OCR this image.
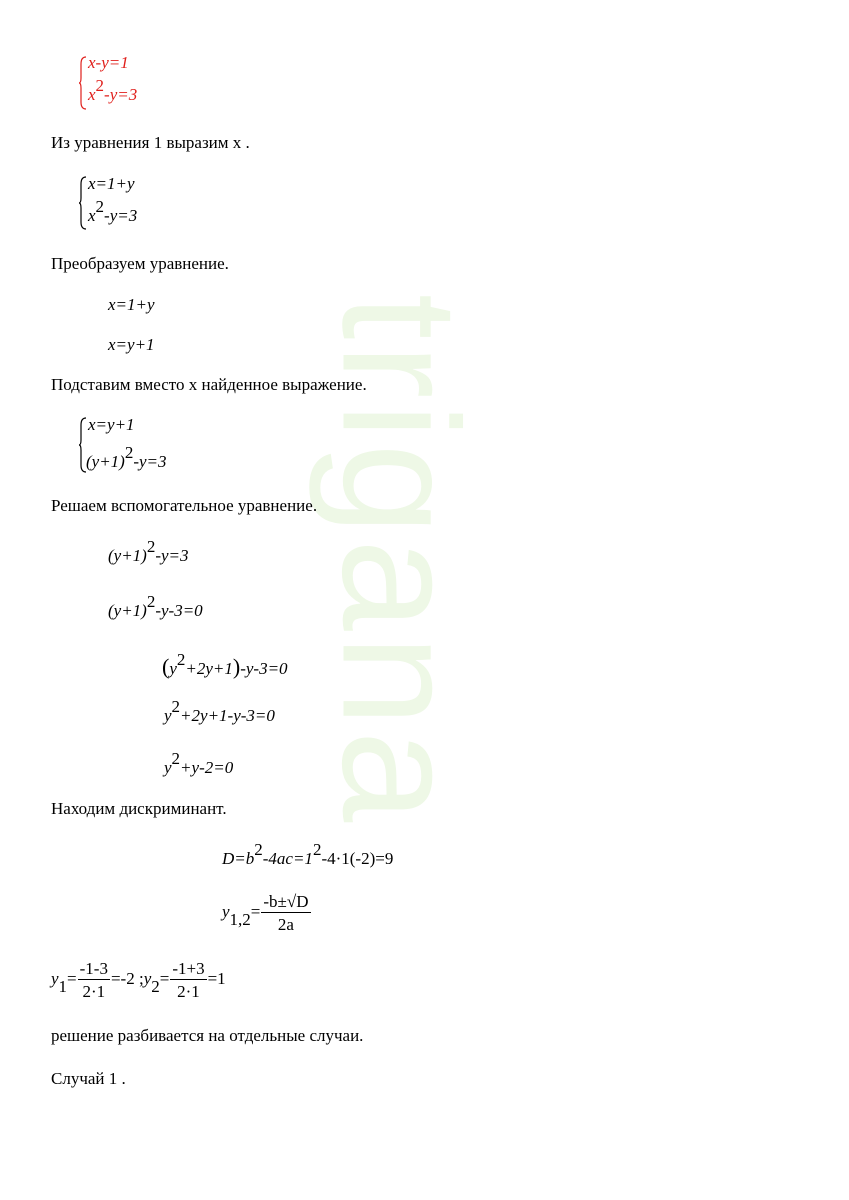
trigana
x-y=1
$x^2-y=3$
Из уравнения 1 выразим x .
x=1+y
$x^2-y=3$
Преобразуем уравнение.
x=1+y
x=y+1
Подставим вместо x найденное выражение.
x=y+1
$(y+1)^2-y=3$
Решаем вспомогательное уравнение.
$(y+1)^2-y=3$
$(y+1)^2-y-3=0$
$(y^2+2y+1)-y-3=0$
$y^2+2y+1-y-3=0$
$y^2+y-2=0$
Находим дискриминант.
$D=b^2-4ac=1^2-4\cdot 1(-2)=9$
$y_{1,2}= \frac{-b\pm√D}{2a}$
$y_1= \frac{-1-3}{2\cdot 1} =-2$ $;y_2= \frac{-1+3}{2\cdot 1} =1$
решение разбивается на отдельные случаи.
Случай 1 .
